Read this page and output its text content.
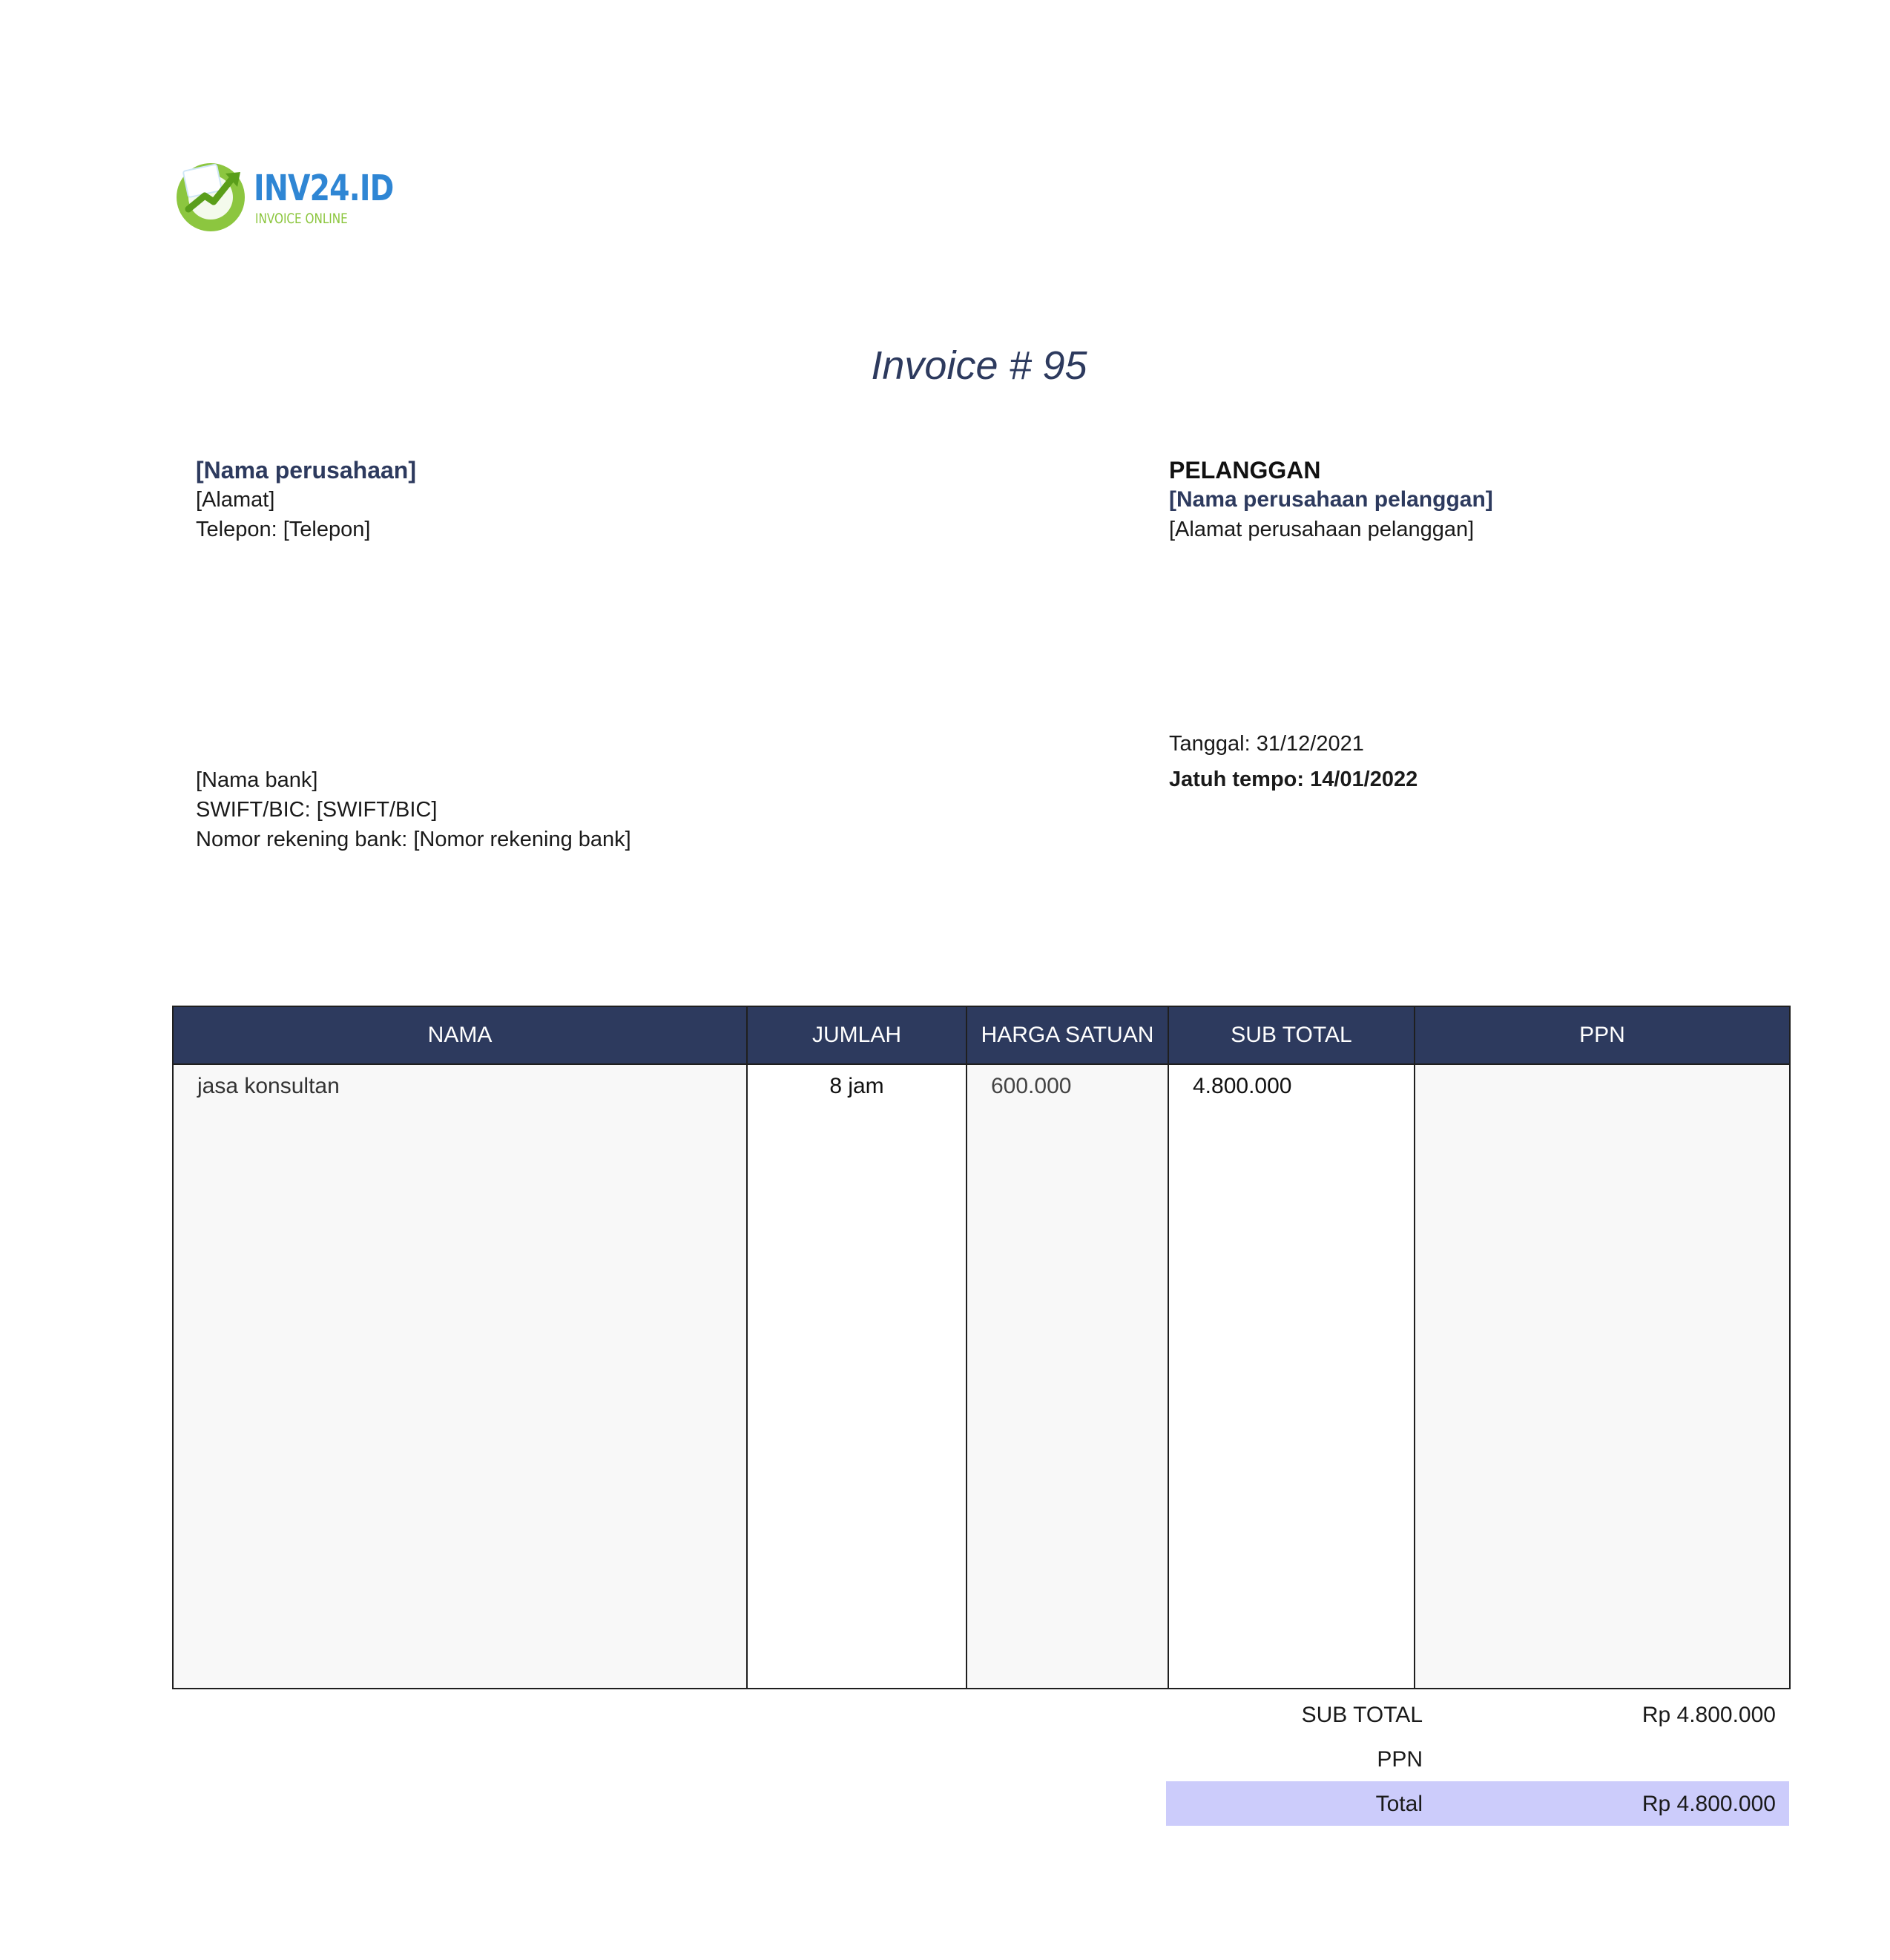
INV24.ID
INVOICE ONLINE
Invoice # 95
[Nama perusahaan]
[Alamat]
Telepon: [Telepon]
PELANGGAN
[Nama perusahaan pelanggan]
[Alamat perusahaan pelanggan]
[Nama bank]
SWIFT/BIC: [SWIFT/BIC]
Nomor rekening bank: [Nomor rekening bank]
Tanggal: 31/12/2021
Jatuh tempo: 14/01/2022
NAMA	JUMLAH	HARGA SATUAN	SUB TOTAL	PPN

jasa konsultan	8 jam	600.000	4.800.000	

SUB TOTAL	Rp 4.800.000
PPN
Total	Rp 4.800.000
